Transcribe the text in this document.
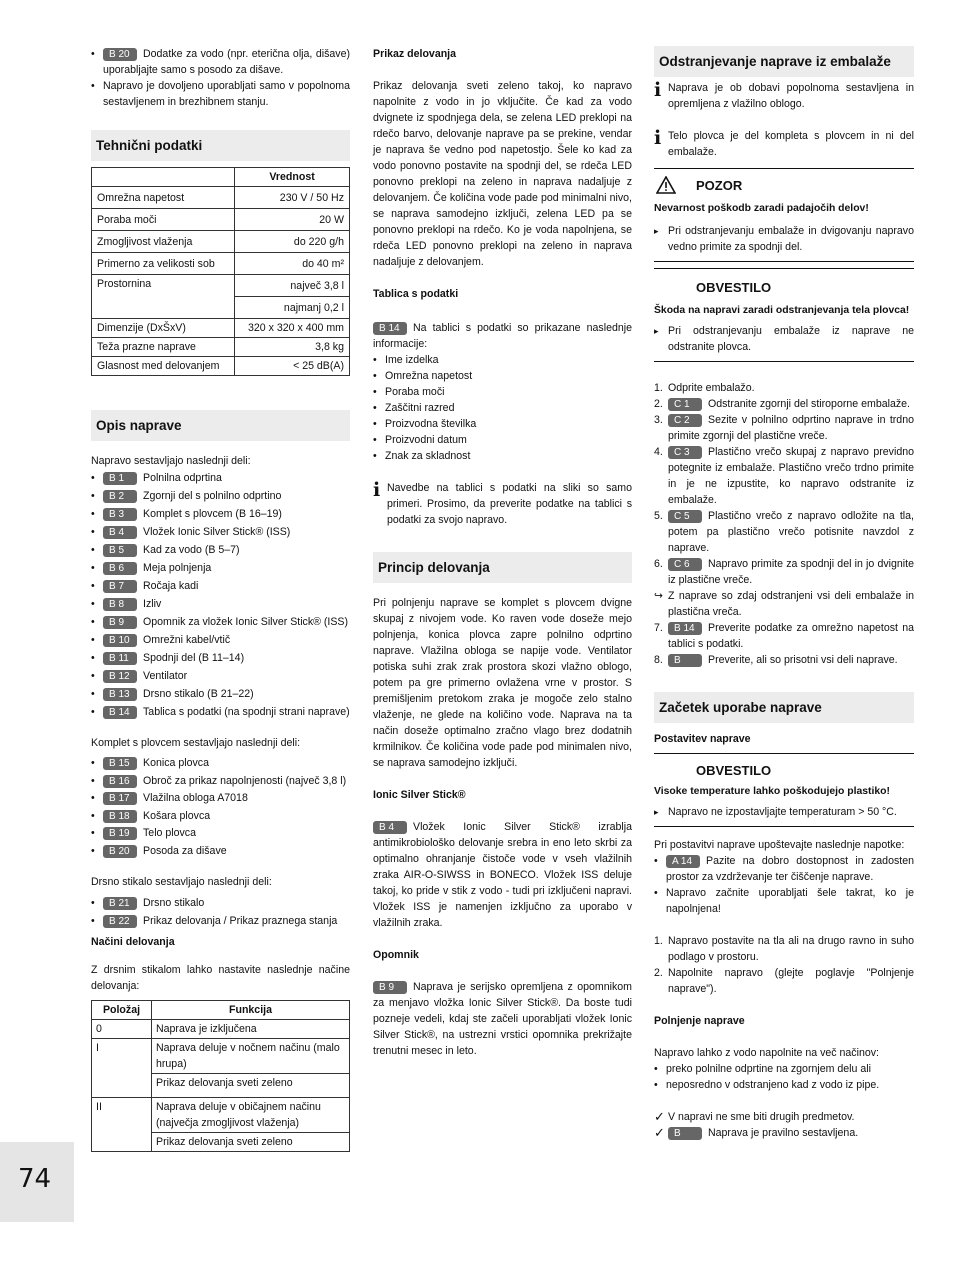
• B 20 Dodatke za vodo (npr. eterična olja, dišave) uporabljajte samo s posodo za dišave.

• Napravo je dovoljeno uporabljati samo v popolnoma sestavljenem in brezhibnem stanju.

Tehnični podatki
	Vrednost
Omrežna napetost	230 V / 50 Hz
Poraba moči	20 W
Zmogljivost vlaženja	do 220 g/h
Primerno za velikosti sob	do 40 m²
Prostornina	največ 3,8 l
	najmanj 0,2 l
Dimenzije (DxŠxV)	320 x 320 x 400 mm
Teža prazne naprave	3,8 kg
Glasnost med delovanjem	< 25 dB(A)
Opis naprave

Napravo sestavljajo naslednji deli:

• B 1 Polnilna odprtina
• B 2 Zgornji del s polnilno odprtino
• B 3 Komplet s plovcem (B 16–19)
• B 4 Vložek Ionic Silver Stick® (ISS)
• B 5 Kad za vodo (B 5–7)
• B 6 Meja polnjenja
• B 7 Ročaja kadi
• B 8 Izliv
• B 9 Opomnik za vložek Ionic Silver Stick® (ISS)
• B 10 Omrežni kabel/vtič
• B 11 Spodnji del (B 11–14)
• B 12 Ventilator
• B 13 Drsno stikalo (B 21–22)
• B 14 Tablica s podatki (na spodnji strani naprave)

Komplet s plovcem sestavljajo naslednji deli:

• B 15 Konica plovca
• B 16 Obroč za prikaz napolnjenosti (največ 3,8 l)
• B 17 Vlažilna obloga A7018
• B 18 Košara plovca
• B 19 Telo plovca
• B 20 Posoda za dišave

Drsno stikalo sestavljajo naslednji deli:

• B 21 Drsno stikalo
• B 22 Prikaz delovanja / Prikaz praznega stanja

Načini delovanja

Z drsnim stikalom lahko nastavite naslednje načine delovanja:

Položaj	Funkcija
0	Naprava je izključena
I	Naprava deluje v nočnem načinu (malo hrupa)
	Prikaz delovanja sveti zeleno
II	Naprava deluje v običajnem načinu (največja zmogljivost vlaženja)
	Prikaz delovanja sveti zeleno

Prikaz delovanja

Prikaz delovanja sveti zeleno takoj, ko napravo napolnite z vodo in jo vključite. Če kad za vodo dvignete iz spodnjega dela, se zelena LED preklopi na rdečo barvo, delovanje naprave pa se prekine, vendar je naprava še vedno pod napetostjo. Šele ko kad za vodo ponovno postavite na spodnji del, se rdeča LED ponovno preklopi na zeleno in naprava nadaljuje z delovanjem. Če količina vode pade pod minimalni nivo, se naprava samodejno izključi, zelena LED pa se ponovno preklopi na rdečo. Ko je voda napolnjena, se rdeča LED ponovno preklopi na zeleno in naprava nadaljuje z delovanjem.

Tablica s podatki

B 14 Na tablici s podatki so prikazane naslednje informacije:

• Ime izdelka
• Omrežna napetost
• Poraba moči
• Zaščitni razred
• Proizvodna številka
• Proizvodni datum
• Znak za skladnost
i Navedbe na tablici s podatki na sliki so samo primeri. Prosimo, da preverite podatke na tablici s podatki za svojo napravo.

Princip delovanja

Pri polnjenju naprave se komplet s plovcem dvigne skupaj z nivojem vode. Ko raven vode doseže mejo polnjenja, konica plovca zapre polnilno odprtino naprave. Vlažilna obloga se napije vode. Ventilator potiska suhi zrak zrak prostora skozi vlažno oblogo, potem pa gre primerno ovlažena vrne v prostor. S premišljenim pretokom zraka je mogoče zelo stalno vlaženje, ne glede na količino vode. Naprava na ta način doseže optimalno zračno vlago brez dodatnih krmilnikov. Če količina vode pade pod minimalen nivo, se naprava samodejno izključi.

Ionic Silver Stick®

B 4 Vložek Ionic Silver Stick® izrablja antimikrobiološko delovanje srebra in eno leto skrbi za optimalno ohranjanje čistoče vode v vseh vlažilnih zraka AIR-O-SIWSS in BONECO. Vložek ISS deluje takoj, ko pride v stik z vodo - tudi pri izključeni napravi. Vložek ISS je namenjen izključno za uporabo v vlažilnih zraka.

Opomnik

B 9 Naprava je serijsko opremljena z opomnikom za menjavo vložka Ionic Silver Stick®. Da boste tudi pozneje vedeli, kdaj ste začeli uporabljati vložek Ionic Silver Stick®, na ustrezni vrstici opomnika prekrižajte trenutni mesec in leto.

Odstranjevanje naprave iz embalaže
i Naprava je ob dobavi popolnoma sestavljena in opremljena z vlažilno oblogo.

i Telo plovca je del kompleta s plovcem in ni del embalaže.

POZOR

Nevarnost poškodb zaradi padajočih delov!

▸ Pri odstranjevanju embalaže in dvigovanju napravo vedno primite za spodnji del.
OBVESTILO

Škoda na napravi zaradi odstranjevanja tela plovca!

▸ Pri odstranjevanju embalaže iz naprave ne odstranite plovca.
1. Odprite embalažo.
2. C 1 Odstranite zgornji del stiroporne embalaže.
3. C 2 Sezite v polnilno odprtino naprave in trdno primite zgornji del plastične vreče.
4. C 3 Plastično vrečo skupaj z napravo previdno potegnite iz embalaže. Plastično vrečo trdno primite in je ne izpustite, ko napravo odstranite iz embalaže.
5. C 5 Plastično vrečo z napravo odložite na tla, potem pa plastično vrečo potisnite navzdol z naprave.
6. C 6 Napravo primite za spodnji del in jo dvignite iz plastične vreče.
↪ Z naprave so zdaj odstranjeni vsi deli embalaže in plastična vreča.
7. B 14 Preverite podatke za omrežno napetost na tablici s podatki.
8. B	Preverite, ali so prisotni vsi deli naprave.
Začetek uporabe naprave

Postavitev naprave

OBVESTILO

Visoke temperature lahko poškodujejo plastiko!

▸ Napravo ne izpostavljajte temperaturam > 50 °C.

Pri postavitvi naprave upoštevajte naslednje napotke:

• A 14 Pazite na dobro dostopnost in zadosten prostor za vzdrževanje ter čiščenje naprave.

• Napravo začnite uporabljati šele takrat, ko je napolnjena!

1. Napravo postavite na tla ali na drugo ravno in suho podlago v prostoru.
2. Napolnite napravo (glejte poglavje "Polnjenje naprave").

Polnjenje naprave

Napravo lahko z vodo napolnite na več načinov:

• preko polnilne odprtine na zgornjem delu ali
• neposredno v odstranjeno kad z vodo iz pipe.
✓ V napravi ne sme biti drugih predmetov.
✓ B	Naprava je pravilno sestavljena.
74
